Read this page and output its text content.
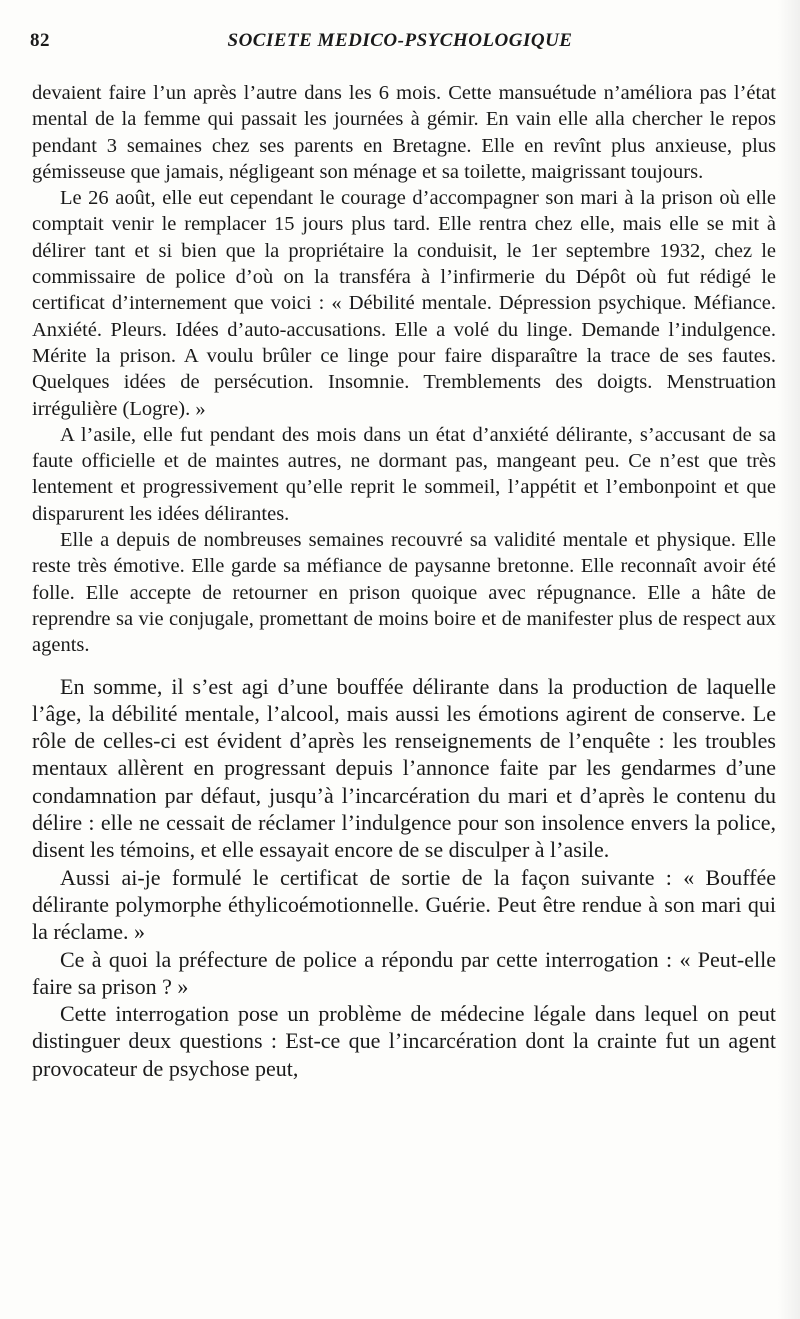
82	SOCIETE MEDICO-PSYCHOLOGIQUE

devaient faire l’un après l’autre dans les 6 mois. Cette mansuétude n’améliora pas l’état mental de la femme qui passait les journées à gémir. En vain elle alla chercher le repos pendant 3 semaines chez ses parents en Bretagne. Elle en revînt plus anxieuse, plus gémisseuse que jamais, négligeant son ménage et sa toilette, maigrissant toujours.

Le 26 août, elle eut cependant le courage d’accompagner son mari à la prison où elle comptait venir le remplacer 15 jours plus tard. Elle rentra chez elle, mais elle se mit à délirer tant et si bien que la propriétaire la conduisit, le 1er septembre 1932, chez le commissaire de police d’où on la transféra à l’infirmerie du Dépôt où fut rédigé le certificat d’internement que voici : « Débilité mentale. Dépression psychique. Méfiance. Anxiété. Pleurs. Idées d’auto-accusations. Elle a volé du linge. Demande l’indulgence. Mérite la prison. A voulu brûler ce linge pour faire disparaître la trace de ses fautes. Quelques idées de persécution. Insomnie. Tremblements des doigts. Menstruation irrégulière (Logre). »

A l’asile, elle fut pendant des mois dans un état d’anxiété délirante, s’accusant de sa faute officielle et de maintes autres, ne dormant pas, mangeant peu. Ce n’est que très lentement et progressivement qu’elle reprit le sommeil, l’appétit et l’embonpoint et que disparurent les idées délirantes.

Elle a depuis de nombreuses semaines recouvré sa validité mentale et physique. Elle reste très émotive. Elle garde sa méfiance de paysanne bretonne. Elle reconnaît avoir été folle. Elle accepte de retourner en prison quoique avec répugnance. Elle a hâte de reprendre sa vie conjugale, promettant de moins boire et de manifester plus de respect aux agents.

En somme, il s’est agi d’une bouffée délirante dans la production de laquelle l’âge, la débilité mentale, l’alcool, mais aussi les émotions agirent de conserve. Le rôle de celles-ci est évident d’après les renseignements de l’enquête : les troubles mentaux allèrent en progressant depuis l’annonce faite par les gendarmes d’une condamnation par défaut, jusqu’à l’incarcération du mari et d’après le contenu du délire : elle ne cessait de réclamer l’indulgence pour son insolence envers la police, disent les témoins, et elle essayait encore de se disculper à l’asile.

Aussi ai-je formulé le certificat de sortie de la façon suivante : « Bouffée délirante polymorphe éthylicoémotionnelle. Guérie. Peut être rendue à son mari qui la réclame. »

Ce à quoi la préfecture de police a répondu par cette interrogation : « Peut-elle faire sa prison ? »

Cette interrogation pose un problème de médecine légale dans lequel on peut distinguer deux questions : Est-ce que l’incarcération dont la crainte fut un agent provocateur de psychose peut,
